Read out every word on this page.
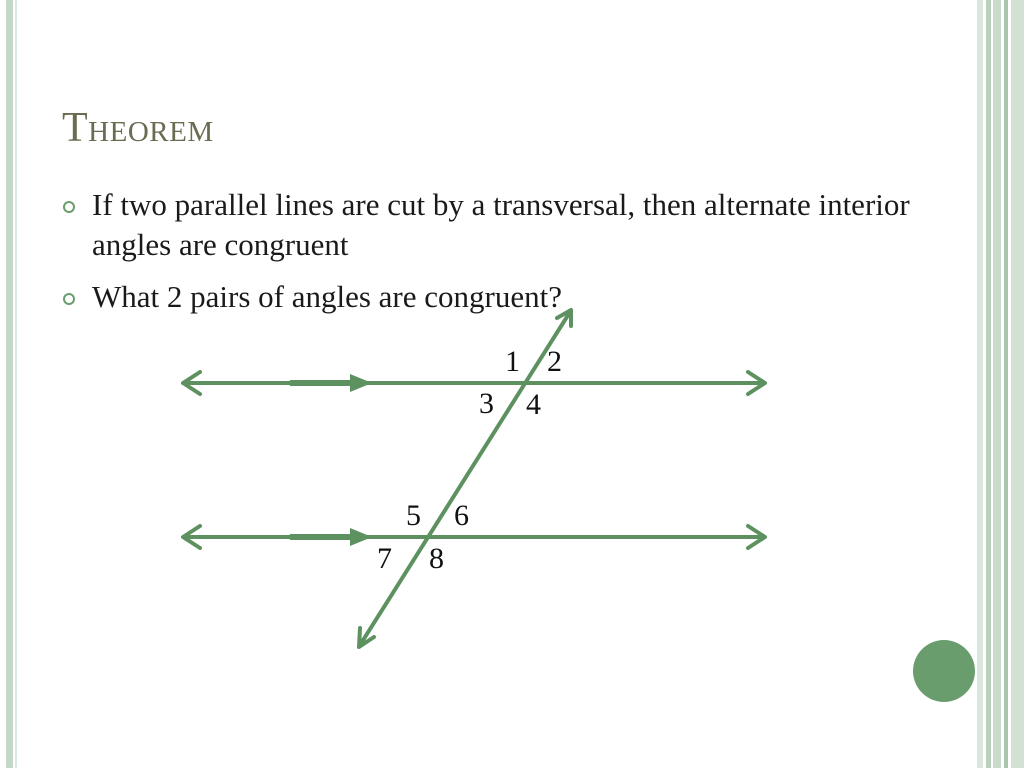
Theorem
If two parallel lines are cut by a transversal, then alternate interior angles are congruent
What 2 pairs of angles are congruent?
1 2
3 4
5 6
7 8
